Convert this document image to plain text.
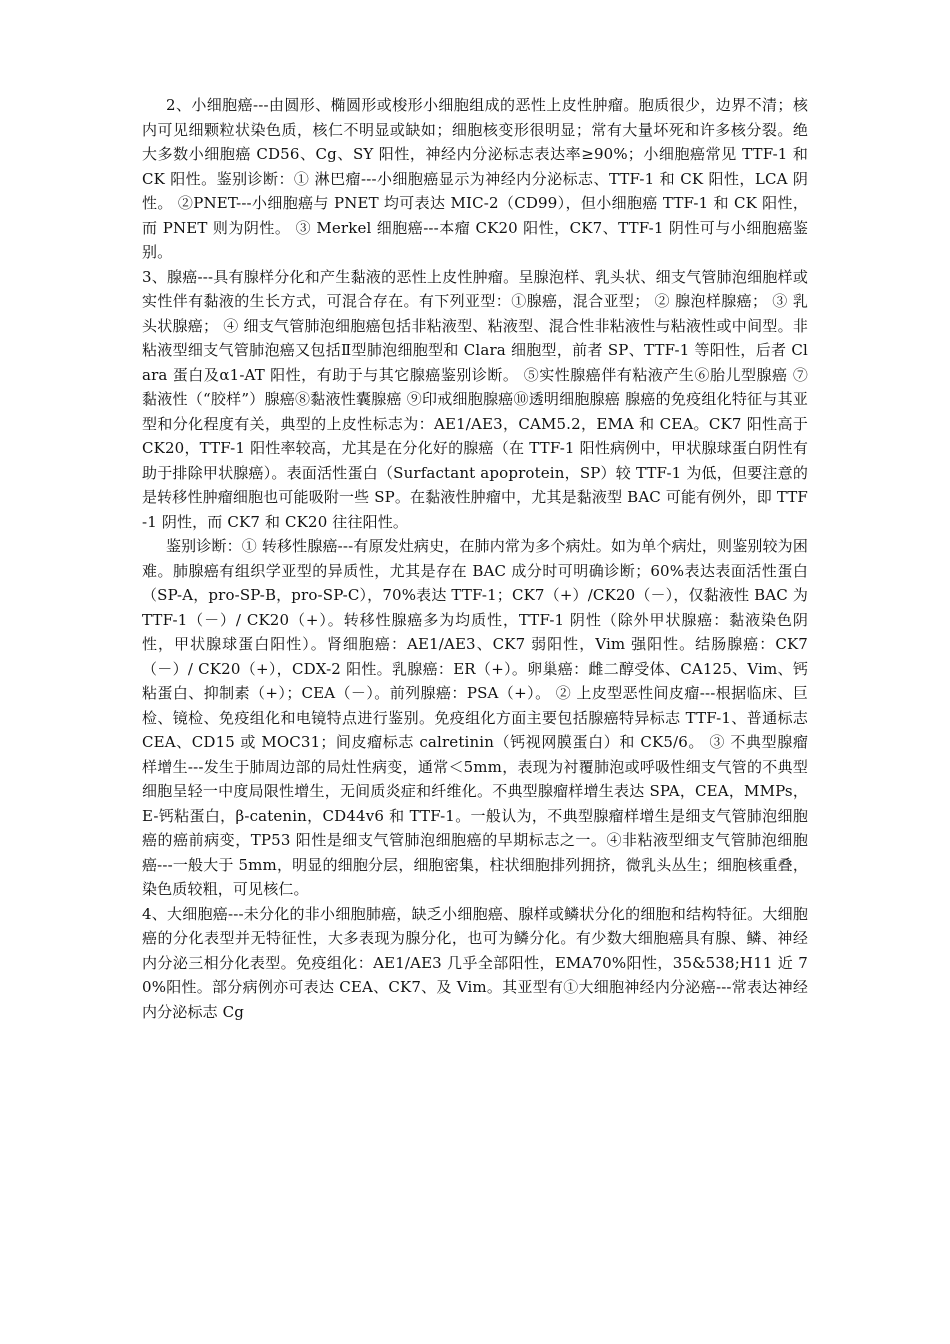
2、小细胞癌---由圆形、椭圆形或梭形小细胞组成的恶性上皮性肿瘤。胞质很少，边界不清；核内可见细颗粒状染色质，核仁不明显或缺如；细胞核变形很明显；常有大量坏死和许多核分裂。绝大多数小细胞癌 CD56、Cg、SY 阳性，神经内分泌标志表达率≥90%；小细胞癌常见 TTF-1 和 CK 阳性。鉴别诊断：① 淋巴瘤---小细胞癌显示为神经内分泌标志、TTF-1 和 CK 阳性，LCA 阴性。 ②PNET---小细胞癌与 PNET 均可表达 MIC-2（CD99），但小细胞癌 TTF-1 和 CK 阳性，而 PNET 则为阴性。 ③ Merkel 细胞癌---本瘤 CK20 阳性，CK7、TTF-1 阴性可与小细胞癌鉴别。

3、腺癌---具有腺样分化和产生黏液的恶性上皮性肿瘤。呈腺泡样、乳头状、细支气管肺泡细胞样或实性伴有黏液的生长方式，可混合存在。有下列亚型：①腺癌，混合亚型； ② 腺泡样腺癌； ③ 乳头状腺癌； ④ 细支气管肺泡细胞癌包括非粘液型、粘液型、混合性非粘液性与粘液性或中间型。非粘液型细支气管肺泡癌又包括Ⅱ型肺泡细胞型和 Clara 细胞型，前者 SP、TTF-1 等阳性，后者 Clara 蛋白及α1-AT 阳性，有助于与其它腺癌鉴别诊断。 ⑤实性腺癌伴有粘液产生⑥胎儿型腺癌 ⑦黏液性（“胶样”）腺癌⑧黏液性囊腺癌 ⑨印戒细胞腺癌⑩透明细胞腺癌 腺癌的免疫组化特征与其亚型和分化程度有关，典型的上皮性标志为：AE1/AE3，CAM5.2，EMA 和 CEA。CK7 阳性高于 CK20，TTF-1 阳性率较高，尤其是在分化好的腺癌（在 TTF-1 阳性病例中，甲状腺球蛋白阴性有助于排除甲状腺癌）。表面活性蛋白（Surfactant apoprotein，SP）较 TTF-1 为低，但要注意的是转移性肿瘤细胞也可能吸附一些 SP。在黏液性肿瘤中，尤其是黏液型 BAC 可能有例外，即 TTF-1 阴性，而 CK7 和 CK20 往往阳性。

鉴别诊断：① 转移性腺癌---有原发灶病史，在肺内常为多个病灶。如为单个病灶，则鉴别较为困难。肺腺癌有组织学亚型的异质性，尤其是存在 BAC 成分时可明确诊断；60%表达表面活性蛋白（SP-A，pro-SP-B，pro-SP-C），70%表达 TTF-1；CK7（+）/CK20（－），仅黏液性 BAC 为 TTF-1（－）/ CK20（+）。转移性腺癌多为均质性，TTF-1 阴性（除外甲状腺癌：黏液染色阴性，甲状腺球蛋白阳性）。肾细胞癌：AE1/AE3、CK7 弱阳性，Vim 强阳性。结肠腺癌：CK7（－）/ CK20（+），CDX-2 阳性。乳腺癌：ER（+）。卵巢癌：雌二醇受体、CA125、Vim、钙粘蛋白、抑制素（+）；CEA（－）。前列腺癌：PSA（+）。 ② 上皮型恶性间皮瘤---根据临床、巨检、镜检、免疫组化和电镜特点进行鉴别。免疫组化方面主要包括腺癌特异标志 TTF-1、普通标志 CEA、CD15 或 MOC31；间皮瘤标志 calretinin（钙视网膜蛋白）和 CK5/6。 ③ 不典型腺瘤样增生---发生于肺周边部的局灶性病变，通常＜5mm，表现为衬覆肺泡或呼吸性细支气管的不典型细胞呈轻一中度局限性增生，无间质炎症和纤维化。不典型腺瘤样增生表达 SPA，CEA，MMPs，E-钙粘蛋白，β-catenin，CD44v6 和 TTF-1。一般认为，不典型腺瘤样增生是细支气管肺泡细胞癌的癌前病变，TP53 阳性是细支气管肺泡细胞癌的早期标志之一。④非粘液型细支气管肺泡细胞癌---一般大于 5mm，明显的细胞分层，细胞密集，柱状细胞排列拥挤，微乳头丛生；细胞核重叠，染色质较粗，可见核仁。

4、大细胞癌---未分化的非小细胞肺癌，缺乏小细胞癌、腺样或鳞状分化的细胞和结构特征。大细胞癌的分化表型并无特征性，大多表现为腺分化，也可为鳞分化。有少数大细胞癌具有腺、鳞、神经内分泌三相分化表型。免疫组化：AE1/AE3 几乎全部阳性，EMA70%阳性，35&538;H11 近 70%阳性。部分病例亦可表达 CEA、CK7、及 Vim。其亚型有①大细胞神经内分泌癌---常表达神经内分泌标志 Cg
